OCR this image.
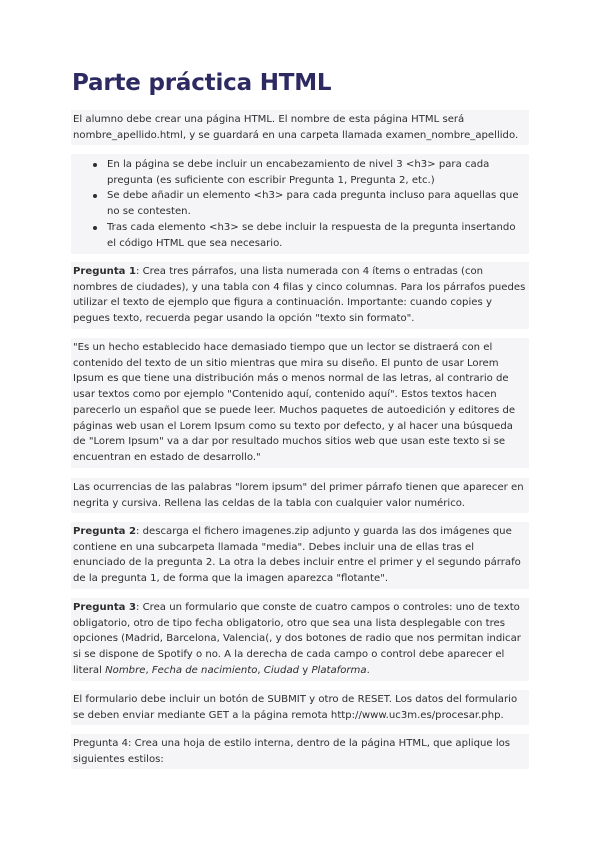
Parte práctica HTML

El alumno debe crear una página HTML. El nombre de esta página HTML será nombre_apellido.html, y se guardará en una carpeta llamada examen_nombre_apellido.

En la página se debe incluir un encabezamiento de nivel 3 <h3> para cada pregunta (es suficiente con escribir Pregunta 1, Pregunta 2, etc.)
Se debe añadir un elemento <h3> para cada pregunta incluso para aquellas que no se contesten.
Tras cada elemento <h3> se debe incluir la respuesta de la pregunta insertando el código HTML que sea necesario.

Pregunta 1: Crea tres párrafos, una lista numerada con 4 ítems o entradas (con nombres de ciudades), y una tabla con 4 filas y cinco columnas. Para los párrafos puedes utilizar el texto de ejemplo que figura a continuación. Importante: cuando copies y pegues texto, recuerda pegar usando la opción "texto sin formato".

"Es un hecho establecido hace demasiado tiempo que un lector se distraerá con el contenido del texto de un sitio mientras que mira su diseño. El punto de usar Lorem Ipsum es que tiene una distribución más o menos normal de las letras, al contrario de usar textos como por ejemplo "Contenido aquí, contenido aquí". Estos textos hacen parecerlo un español que se puede leer. Muchos paquetes de autoedición y editores de páginas web usan el Lorem Ipsum como su texto por defecto, y al hacer una búsqueda de "Lorem Ipsum" va a dar por resultado muchos sitios web que usan este texto si se encuentran en estado de desarrollo."

Las ocurrencias de las palabras "lorem ipsum" del primer párrafo tienen que aparecer en negrita y cursiva. Rellena las celdas de la tabla con cualquier valor numérico.

Pregunta 2: descarga el fichero imagenes.zip adjunto y guarda las dos imágenes que contiene en una subcarpeta llamada "media". Debes incluir una de ellas tras el enunciado de la pregunta 2. La otra la debes incluir entre el primer y el segundo párrafo de la pregunta 1, de forma que la imagen aparezca "flotante".

Pregunta 3: Crea un formulario que conste de cuatro campos o controles: uno de texto obligatorio, otro de tipo fecha obligatorio, otro que sea una lista desplegable con tres opciones (Madrid, Barcelona, Valencia(, y dos botones de radio que nos permitan indicar si se dispone de Spotify o no. A la derecha de cada campo o control debe aparecer el literal Nombre, Fecha de nacimiento, Ciudad y Plataforma.

El formulario debe incluir un botón de SUBMIT y otro de RESET. Los datos del formulario se deben enviar mediante GET a la página remota http://www.uc3m.es/procesar.php.

Pregunta 4: Crea una hoja de estilo interna, dentro de la página HTML, que aplique los siguientes estilos:
